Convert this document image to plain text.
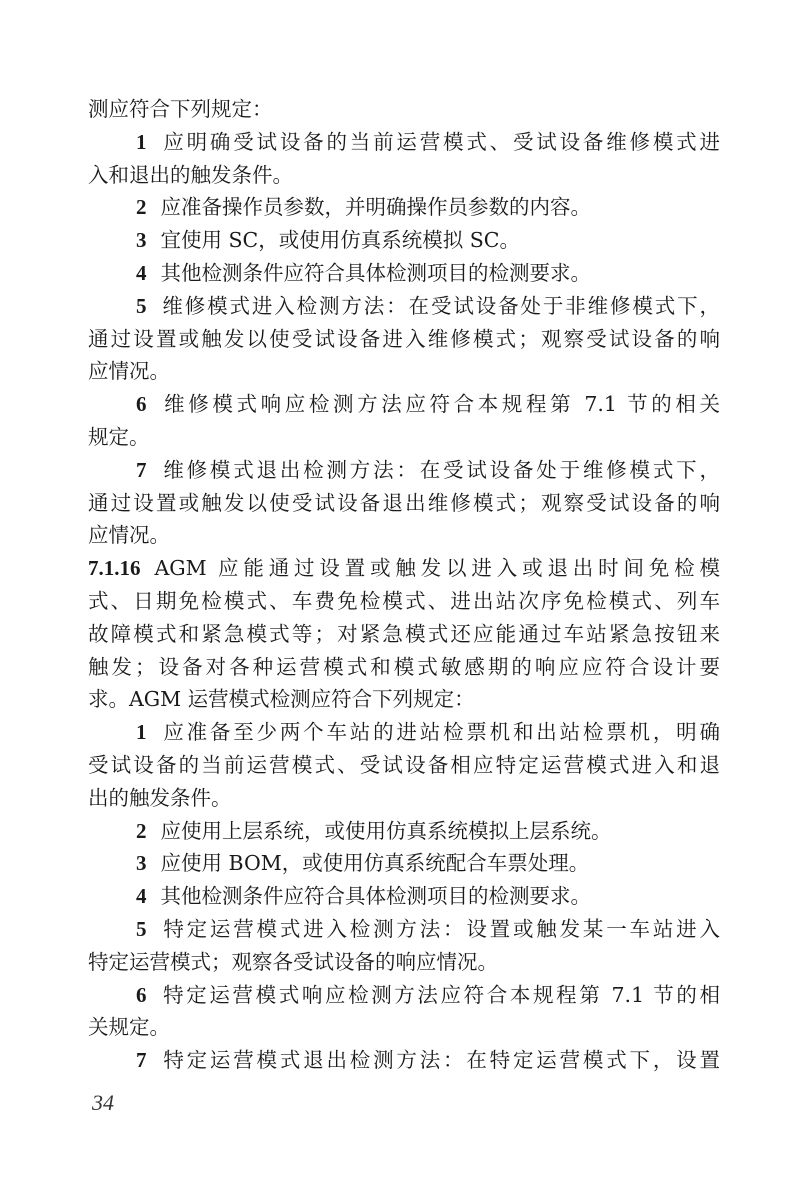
测应符合下列规定：
1 应明确受试设备的当前运营模式、受试设备维修模式进
入和退出的触发条件。
2 应准备操作员参数，并明确操作员参数的内容。
3 宜使用 SC，或使用仿真系统模拟 SC。
4 其他检测条件应符合具体检测项目的检测要求。
5 维修模式进入检测方法：在受试设备处于非维修模式下，
通过设置或触发以使受试设备进入维修模式；观察受试设备的响
应情况。
6 维修模式响应检测方法应符合本规程第 7.1 节的相关
规定。
7 维修模式退出检测方法：在受试设备处于维修模式下，
通过设置或触发以使受试设备退出维修模式；观察受试设备的响
应情况。
7.1.16 AGM 应能通过设置或触发以进入或退出时间免检模
式、日期免检模式、车费免检模式、进出站次序免检模式、列车
故障模式和紧急模式等；对紧急模式还应能通过车站紧急按钮来
触发；设备对各种运营模式和模式敏感期的响应应符合设计要
求。AGM 运营模式检测应符合下列规定：
1 应准备至少两个车站的进站检票机和出站检票机，明确
受试设备的当前运营模式、受试设备相应特定运营模式进入和退
出的触发条件。
2 应使用上层系统，或使用仿真系统模拟上层系统。
3 应使用 BOM，或使用仿真系统配合车票处理。
4 其他检测条件应符合具体检测项目的检测要求。
5 特定运营模式进入检测方法：设置或触发某一车站进入
特定运营模式；观察各受试设备的响应情况。
6 特定运营模式响应检测方法应符合本规程第 7.1 节的相
关规定。
7 特定运营模式退出检测方法：在特定运营模式下，设置
34
